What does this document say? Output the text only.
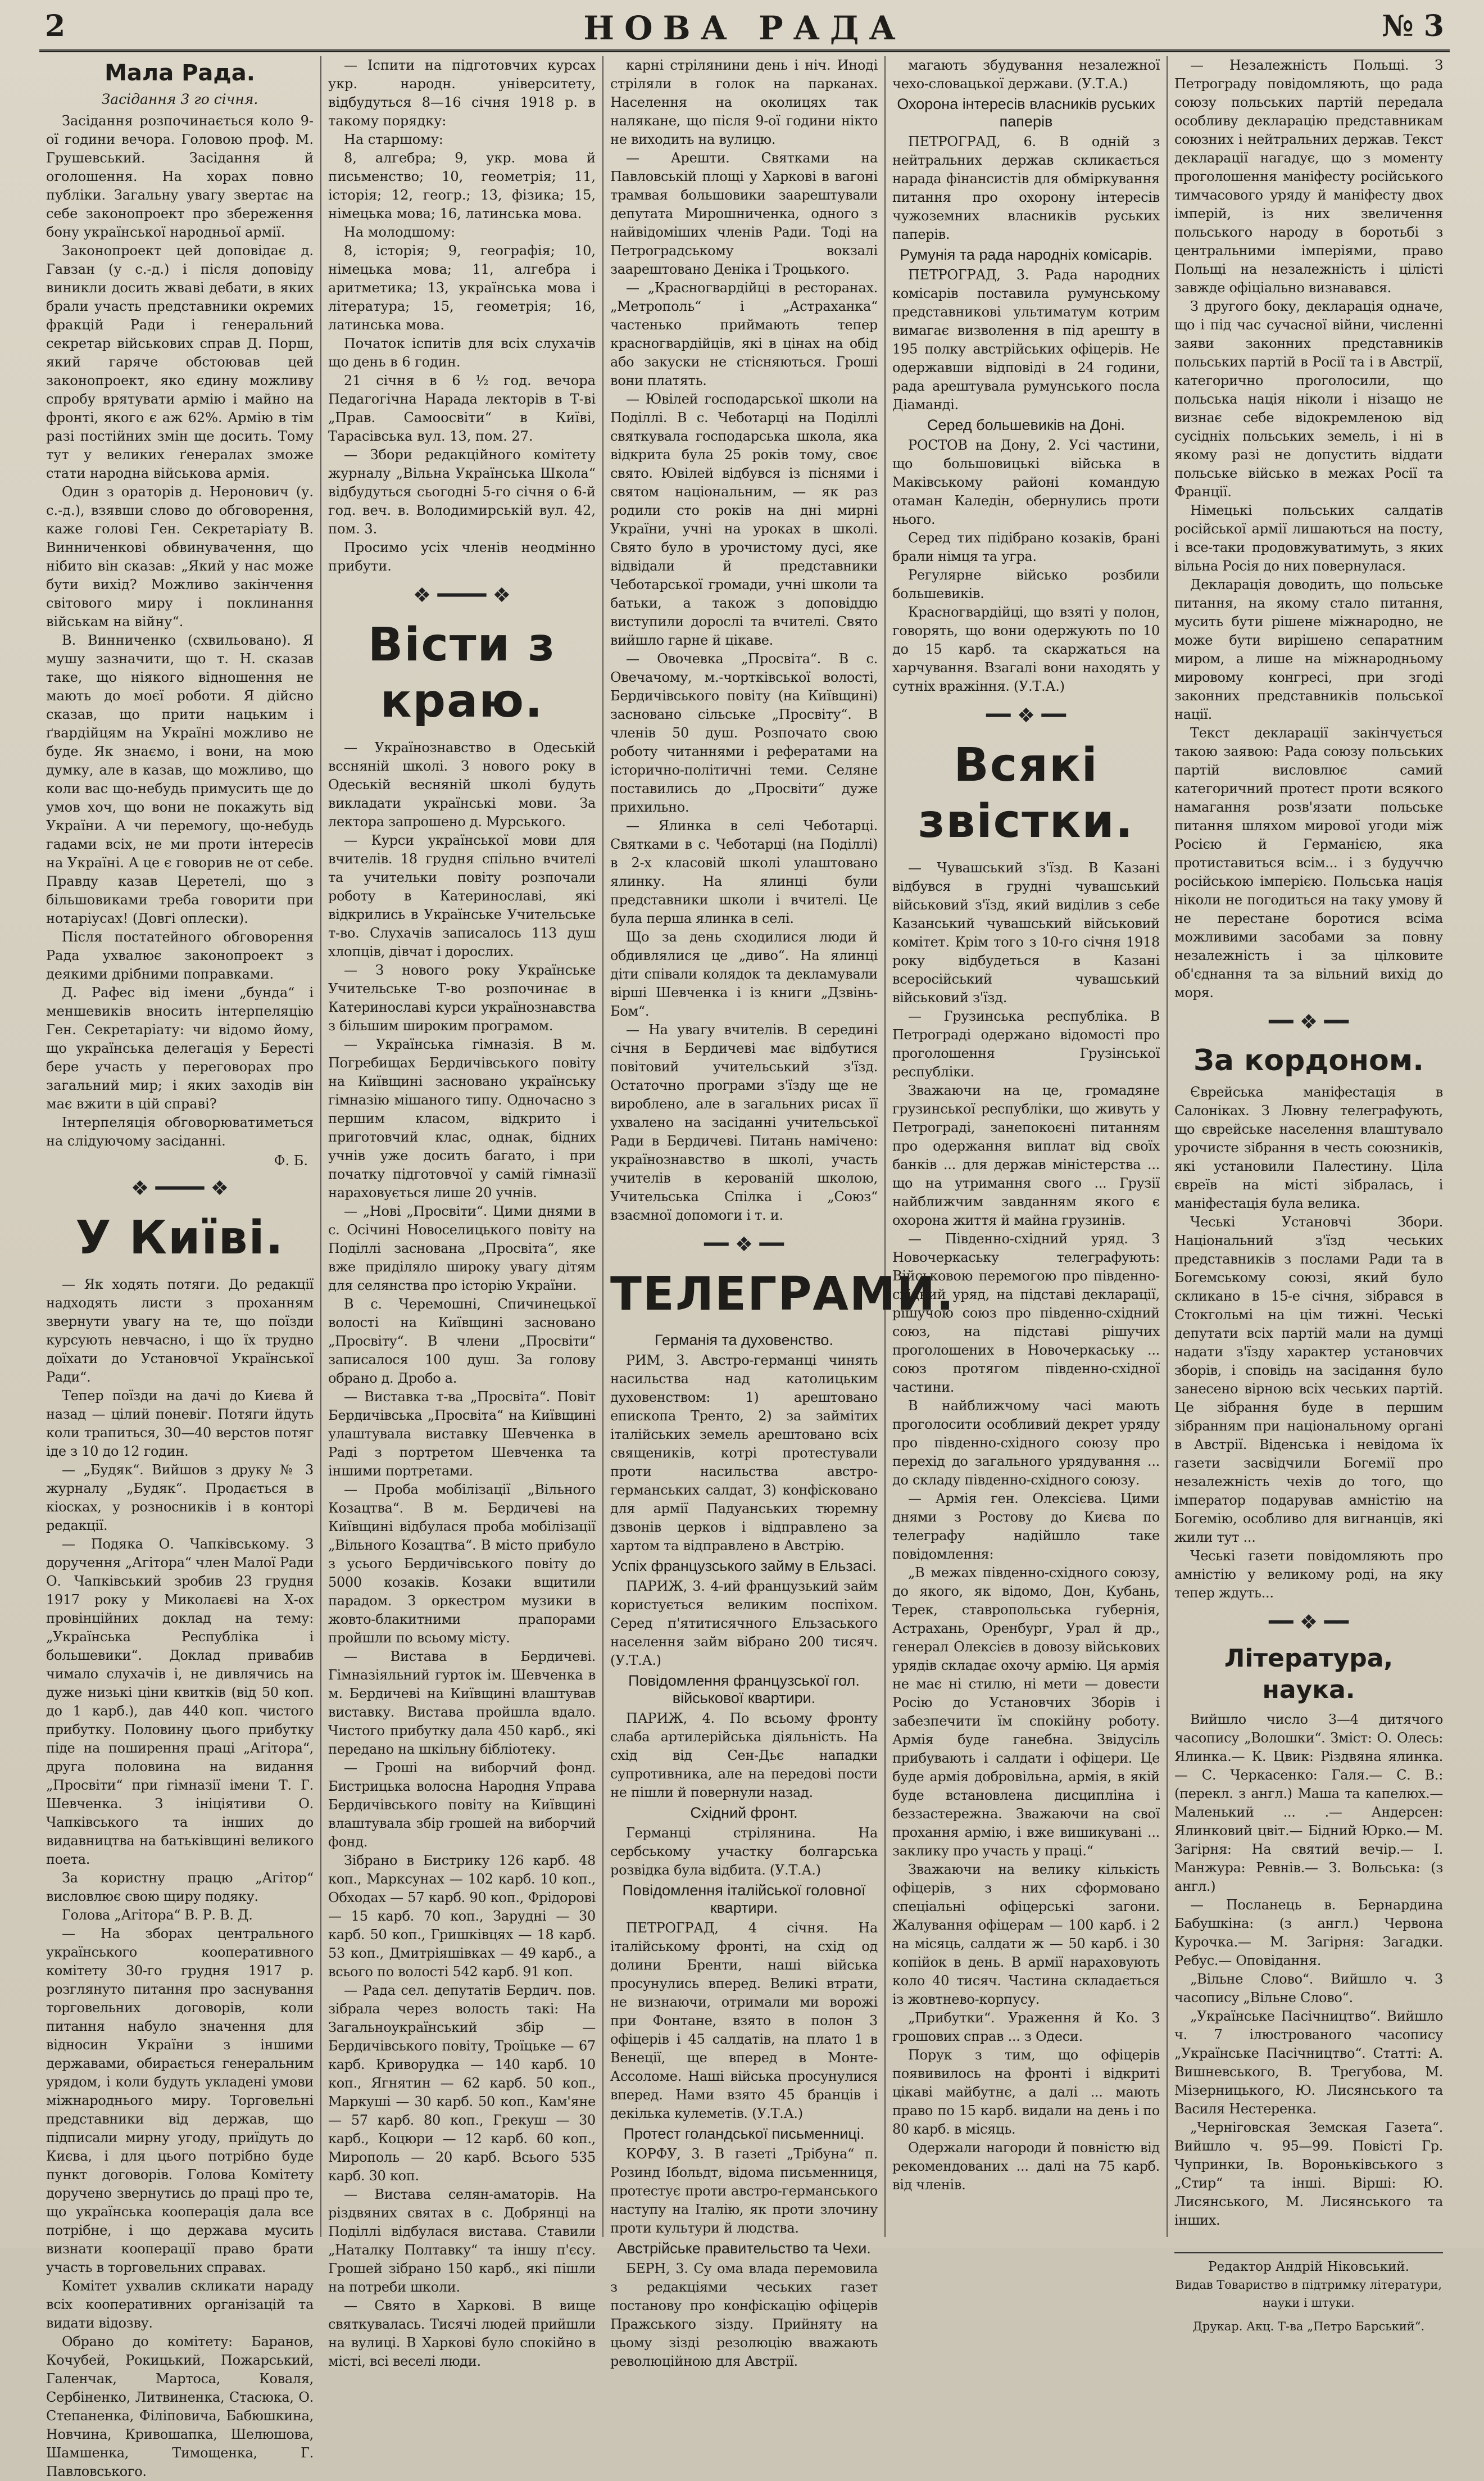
2	НОВА РАДА	№ 3
Мала Рада.
Засідання 3 го січня.

Засідання розпочинається коло 9-ої години вечора. Головою проф. М. Грушевський. Засідання й оголошення. На хорах повно публіки. Загальну увагу звертає на себе законопроект про збереження бону української народньої армії.

Законопроект цей доповідає д. Гавзан (у с.-д.) і після доповіду виникли досить жваві дебати, в яких брали участь представники окремих фракцій Ради і генеральний секретар військових справ Д. Порш, який гаряче обстоював цей законопроект, яко єдину можливу спробу врятувати армію і майно на фронті, якого є аж 62%. Армію в тім разі постійних змін ще досить. Тому тут у великих ґенералах зможе стати народна військова армія.

Один з ораторів д. Неронович (у. с.-д.), взявши слово до обговорення, каже голові Ген. Секретаріату В. Винниченкові обвинувачення, що нібито він сказав: „Який у нас може бути вихід? Можливо закінчення світового миру і поклинання військам на війну“.

В. Винниченко (схвильовано). Я мушу зазначити, що т. Н. сказав таке, що ніякого відношення не мають до моєї роботи. Я дійсно сказав, що прити нацьким і ґвардійцям на Україні можливо не буде. Як знаємо, і вони, на мою думку, але в казав, що можливо, що коли вас що-небудь примусить ще до умов хоч, що вони не покажуть від України. А чи перемогу, що-небудь гадами всіх, не ми проти інтересів на Україні. А це є говорив не от себе. Правду казав Церетелі, що з більшовиками треба говорити при нотаріусах! (Довгі оплески).

Після постатейного обговорення Рада ухвалює законопроект з деякими дрібними поправками.

Д. Рафес від імени „бунда“ і меншевиків вносить інтерпеляцію Ген. Секретаріату: чи відомо йому, що українська делегація у Бересті бере участь у переговорах про загальний мир; і яких заходів він має вжити в цій справі?

Інтерпеляція обговорюватиметься на слідуючому засіданні.

Ф. Б.
❖ ━━━━ ❖
У Київі.

— Як ходять потяги. До редакції надходять листи з проханням звернути увагу на те, що поїзди курсують невчасно, і що їх трудно доїхати до Установчої Української Ради“.

Тепер поїзди на дачі до Києва й назад — цілий поневіг. Потяги йдуть коли трапиться, 30—40 верстов потяг іде з 10 до 12 годин.

— „Будяк“. Вийшов з друку № 3 журналу „Будяк“. Продається в кіосках, у розносників і в конторі редакції.

— Подяка О. Чапківському. З доручення „Агітора“ член Малої Ради О. Чапківський зробив 23 грудня 1917 року у Миколаєві на Х-ох провінційних доклад на тему: „Українська Республіка і большевики“. Доклад привабив чимало слухачів і, не дивлячись на дуже низькі ціни квитків (від 50 коп. до 1 карб.), дав 440 коп. чистого прибутку. Половину цього прибутку піде на поширення праці „Агітора“, друга половина на видання „Просвіти“ при гімназії імени Т. Г. Шевченка. З ініціятиви О. Чапківського та інших до видавництва на батьківщині великого поета.

За користну працю „Агітор“ висловлює свою щиру подяку.

Голова „Агітора“ В. Р. В. Д.

— На зборах центрального українського кооперативного комітету 30-го грудня 1917 р. розглянуто питання про заснування торговельних договорів, коли питання набуло значення для відносин України з іншими державами, обирається генеральним урядом, і коли будуть укладені умови міжнароднього миру. Торговельні представники від держав, що підписали мирну угоду, приїдуть до Києва, і для цього потрібно буде пункт договорів. Голова Комітету доручено звернутись до праці про те, що українська кооперація дала все потрібне, і що держава мусить визнати кооперації право брати участь в торговельних справах.

Комітет ухвалив скликати нараду всіх кооперативних організацій та видати відозву.

Обрано до комітету: Баранов, Кочубей, Рокицький, Пожарський, Галенчак, Мартоса, Коваля, Сербіненко, Литвиненка, Стасюка, О. Степаненка, Філіповича, Бабюшкина, Новчина, Кривошапка, Шелюшова, Шамшенка, Тимощенка, Г. Павловського.

— Іспити на підготовчих курсах укр. народн. університету, відбудуться 8—16 січня 1918 р. в такому порядку:

На старшому:

8, алгебра; 9, укр. мова й письменство; 10, геометрія; 11, історія; 12, геогр.; 13, фізика; 15, німецька мова; 16, латинська мова.

На молодшому:

8, історія; 9, географія; 10, німецька мова; 11, алгебра і аритметика; 13, українська мова і література; 15, геометрія; 16, латинська мова.

Початок іспитів для всіх слухачів що день в 6 годин.

21 січня в 6 ½ год. вечора Педагогічна Нарада лекторів в Т-ві „Прав. Самоосвіти“ в Київі, Тарасівська вул. 13, пом. 27.

— Збори редакційного комітету журналу „Вільна Українська Школа“ відбудуться сьогодні 5-го січня о 6-й год. веч. в. Володимирській вул. 42, пом. 3.

Просимо усіх членів неодмінно прибути.

❖ ━━━━ ❖
Вісти з краю.

— Українознавство в Одеській вссняній школі. З нового року в Одеській весняній школі будуть викладати українські мови. За лектора запрошено д. Мурського.

— Курси української мови для вчителів. 18 грудня спільно вчителі та учительки повіту розпочали роботу в Катеринославі, які відкрились в Українське Учительське т-во. Слухачів записалось 113 душ хлопців, дівчат і дорослих.

— З нового року Українське Учительське Т-во розпочинає в Катеринославі курси українознавства з більшим широким програмом.

— Українська гімназія. В м. Погребищах Бердичівського повіту на Київщині засновано українську гімназію мішаного типу. Одночасно з першим класом, відкрито і приготовчий клас, однак, бідних учнів уже досить багато, і при початку підготовчої у самій гімназії нараховується лише 20 учнів.

— „Нові „Просвіти“. Цими днями в с. Осічині Новоселицького повіту на Поділлі заснована „Просвіта“, яке вже приділяло широку увагу дітям для селянства про історію України.

В с. Черемошні, Спичинецької волості на Київщині засновано „Просвіту“. В члени „Просвіти“ записалося 100 душ. За голову обрано д. Дробо а.

— Виставка т-ва „Просвіта“. Повіт Бердичівська „Просвіта“ на Київщині улаштувала виставку Шевченка в Раді з портретом Шевченка та іншими портретами.

— Проба мобілізації „Вільного Козацтва“. В м. Бердичеві на Київщині відбулася проба мобілізації „Вільного Козацтва“. В місто прибуло з усього Бердичівського повіту до 5000 козаків. Козаки вщитили парадом. З оркестром музики в жовто-блакитними прапорами пройшли по всьому місту.

— Вистава в Бердичеві. Гімназіяльний гурток ім. Шевченка в м. Бердичеві на Київщині влаштував виставку. Вистава пройшла вдало. Чистого прибутку дала 450 карб., які передано на шкільну бібліотеку.

— Гроші на виборчий фонд. Бистрицька волосна Народня Управа Бердичівського повіту на Київщині влаштувала збір грошей на виборчий фонд.

Зібрано в Бистрику 126 карб. 48 коп., Марксунах — 102 карб. 10 коп., Обходах — 57 карб. 90 коп., Фрідорові — 15 карб. 70 коп., Зарудні — 30 карб. 50 коп., Гришківцях — 18 карб. 53 коп., Дмитріяшівках — 49 карб., а всього по волості 542 карб. 91 коп.

— Рада сел. депутатів Бердич. пов. зібрала через волость такі: На Загальноукраїнський збір — Бердичівського повіту, Троїцьке — 67 карб. Криворудка — 140 карб. 10 коп., Ягнятин — 62 карб. 50 коп., Маркуші — 30 карб. 50 коп., Кам'яне — 57 карб. 80 коп., Грекуш — 30 карб., Коцюри — 12 карб. 60 коп., Мирополь — 20 карб. Всього 535 карб. 30 коп.

— Вистава селян-аматорів. На різдвяних святах в с. Добрянці на Поділлі відбулася вистава. Ставили „Наталку Полтавку“ та іншу п'єсу. Грошей зібрано 150 карб., які пішли на потреби школи.

— Свято в Харкові. В вище святкувалась. Тисячі людей прийшли на вулиці. В Харкові було спокійно в місті, всі веселі люди.

карні стрілянини день і ніч. Иноді стріляли в голок на парканах. Населення на околицях так налякане, що після 9-ої години нікто не виходить на вулицю.

— Арешти. Святками на Павловській площі у Харкові в вагоні трамвая большовики заарештували депутата Мирошниченка, одного з найвідоміших членів Ради. Тоді на Петроградському вокзалі заарештовано Деніка і Троцького.

— „Красногвардійці в ресторанах. „Метрополь“ і „Астраханка“ частенько приймають тепер красногвардійців, які в цінах на обід або закуски не стісняються. Гроші вони платять.

— Ювілей господарської школи на Поділлі. В с. Чеботарці на Поділлі святкувала господарська школа, яка відкрита була 25 років тому, своє свято. Ювілей відбувся із піснями і святом національним, — як раз родили сто років на дні мирні України, учні на уроках в школі. Свято було в урочистому дусі, яке відвідали й представники Чеботарської громади, учні школи та батьки, а також з доповіддю виступили дорослі та вчителі. Свято вийшло гарне й цікаве.

— Овочевка „Просвіта“. В с. Овечачому, м.-чортківської волості, Бердичівського повіту (на Київщині) засновано сільське „Просвіту“. В членів 50 душ. Розпочато свою роботу читаннями і рефератами на історично-політичні теми. Селяне поставились до „Просвіти“ дуже прихильно.

— Ялинка в селі Чеботарці. Святками в с. Чеботарці (на Поділлі) в 2-х класовій школі улаштовано ялинку. На ялинці були представники школи і вчителі. Це була перша ялинка в селі.

Що за день сходилися люди й обдивлялися це „диво“. На ялинці діти співали колядок та декламували вірші Шевченка і із книги „Дзвінь-Бом“.

— На увагу вчителів. В середині січня в Бердичеві має відбутися повітовий учительський з'їзд. Остаточно програми з'їзду ще не вироблено, але в загальних рисах її ухвалено на засіданні учительської Ради в Бердичеві. Питань намічено: українознавство в школі, участь учителів в керованій школою, Учительська Спілка і „Союз“ взаємної допомоги і т. и.

━━ ❖ ━━
ТЕЛЕГРАМИ.
Германія та духовенство.

РИМ, 3. Австро-германці чинять насильства над католицьким духовенством: 1) арештовано епископа Тренто, 2) за займітих італійських земель арештовано всіх священиків, котрі протестували проти насильства австро-германських салдат, 3) конфісковано для армії Падуанських тюремну дзвонів церков і відправлено за хартом та відправлено в Австрію.

Успіх французського займу в Ельзасі.

ПАРИЖ, 3. 4-ий французький займ користується великим поспіхом. Серед п'ятитисячного Ельзаського населення займ вібрано 200 тисяч. (У.Т.А.)

Повідомлення французської гол. військової квартири.

ПАРИЖ, 4. По всьому фронту слаба артилерійська діяльність. На схід від Сен-Дьє нападки супротивника, але на передові пости не пішли й повернули назад.

Східний фронт.

Германці стрілянина. На сербському участку болгарська розвідка була відбита. (У.Т.А.)

Повідомлення італійської головної квартири.

ПЕТРОГРАД, 4 січня. На італійському фронті, на схід од долини Бренти, наші війська просунулись вперед. Великі втрати, не визнаючи, отримали ми ворожі при Фонтане, взято в полон 3 офіцерів і 45 салдатів, на плато 1 в Венеції, ще вперед в Монте-Ассоломе. Наші війська просунулися вперед. Нами взято 45 бранців і декілька кулеметів. (У.Т.А.)

Протест голандської письменниці.

КОРФУ, 3. В газеті „Трібуна“ п. Розинд Ібольдт, відома письменниця, протестує проти австро-германського наступу на Італію, як проти злочину проти культури й людства.

Австрійське правительство та Чехи.

БЕРН, 3. Су ома влада перемовила з редакціями чеських газет постанову про конфіскацію офіцерів Пражського зізду. Прийняту на цьому зізді резолюцію вважають революційною для Австрії.

магають збудування незалежної чехо-словацької держави. (У.Т.А.)

Охорона інтересів власників руських паперів

ПЕТРОГРАД, 6. В одній з нейтральних держав скликається нарада фінансистів для обміркування питання про охорону інтересів чужоземних власників руських паперів.

Румунія та рада народніх комісарів.

ПЕТРОГРАД, 3. Рада народних комісарів поставила румунському представникові ультиматум котрим вимагає визволення в під арешту в 195 полку австрійських офіцерів. Не одержавши відповіді в 24 години, рада арештувала румунського посла Діаманді.

Серед большевиків на Доні.

РОСТОВ на Дону, 2. Усі частини, що большовицькі війська в Маківському районі командую отаман Каледін, обернулись проти нього.

Серед тих підібрано козаків, брані брали німця та угра.

Регулярне військо розбили большевиків.

Красногвардійці, що взяті у полон, говорять, що вони одержують по 10 до 15 карб. та скаржаться на харчування. Взагалі вони находять у сутніх вражіння. (У.Т.А.)

━━ ❖ ━━
Всякі звістки.

— Чувашський з'їзд. В Казані відбувся в грудні чувашський військовий з'їзд, який виділив з себе Казанський чувашський військовий комітет. Крім того з 10-го січня 1918 року відбудеться в Казані всеросійський чувашський військовий з'їзд.

— Грузинська республіка. В Петрограді одержано відомості про проголошення Грузінської республіки.

Зважаючи на це, громадяне грузинської республіки, що живуть у Петрограді, занепокоєні питанням про одержання виплат від своїх банків ... для держав міністерства ... що на утримання свого ... Грузії найближчим завданням якого є охорона життя й майна грузинів.

— Південно-східний уряд. З Новочеркаську телеграфують: Військовою перемогою про південно-східний уряд, на підставі декларації, рішучою союз про південно-східний союз, на підставі рішучих проголошених в Новочеркаську ... союз протягом південно-східної частини.

В найближчому часі мають проголосити особливий декрет уряду про південно-східного союзу про перехід до загального урядування ... до складу південно-східного союзу.

— Армія ген. Олексієва. Цими днями з Ростову до Києва по телеграфу надійшло таке повідомлення:

„В межах південно-східного союзу, до якого, як відомо, Дон, Кубань, Терек, ставропольська губернія, Астрахань, Оренбург, Урал й др., генерал Олексієв в довозу військових урядів складає охочу армію. Ця армія не має ні стилю, ні мети — довести Росію до Установчих Зборів і забезпечити їм спокійну роботу. Армія буде ганебна. Звідусіль прибувають і салдати і офіцери. Це буде армія добровільна, армія, в якій буде встановлена дисципліна і беззастережна. Зважаючи на свої прохання армію, і вже вишикувані ... заклику про участь у праці.“

Зважаючи на велику кількість офіцерів, з них сформовано спеціальні офіцерські загони. Жалування офіцерам — 100 карб. і 2 на місяць, салдати ж — 50 карб. і 30 копійок в день. В армії нараховують коло 40 тисяч. Частина складається із жовтнево-корпусу.

„Прибутки“. Ураження й Ко. З грошових справ ... з Одеси.

Порук з тим, що офіцерів появивилось на фронті і відкриті цікаві майбутнє, а далі ... мають право по 15 карб. видали на день і по 80 карб. в місяць.

Одержали нагороди й повністю від рекомендованих ... далі на 75 карб. від членів.

— Незалежність Польщі. З Петрограду повідомляють, що рада союзу польських партій передала особливу декларацію представникам союзних і нейтральних держав. Текст декларації нагадує, що з моменту проголошення маніфесту російського тимчасового уряду й маніфесту двох імперій, із них звеличення польського народу в боротьбі з центральними імперіями, право Польщі на незалежність і цілісті завжде офіціально визнавався.

З другого боку, декларація одначе, що і під час сучасної війни, численні заяви законних представників польських партій в Росії та і в Австрії, категорично проголосили, що польська нація ніколи і нізащо не визнає себе відокремленою від сусідніх польських земель, і ні в якому разі не допустить віддати польське військо в межах Росії та Франції.

Німецькі польських салдатів російської армії лишаються на посту, і все-таки продовжуватимуть, з яких вільна Росія до них повернулася.

Декларація доводить, що польське питання, на якому стало питання, мусить бути рішене міжнародно, не може бути вирішено сепаратним миром, а лише на міжнародньому мировому конгресі, при згоді законних представників польської нації.

Текст декларації закінчується такою заявою: Рада союзу польських партій висловлює самий категоричний протест проти всякого намагання розв'язати польське питання шляхом мирової угоди між Росією й Германією, яка протиставиться всім... і з будуччю російською імперією. Польська нація ніколи не погодиться на таку умову й не перестане боротися всіма можливими засобами за повну незалежність і за цілковите об'єднання та за вільний вихід до моря.

━━ ❖ ━━
За кордоном.

Єврейська маніфестація в Салоніках. З Лювну телеграфують, що єврейське населення влаштувало урочисте зібрання в честь союзників, які установили Палестину. Ціла євреїв на місті зібралась, і маніфестація була велика.

Чеські Установчі Збори. Національний з'їзд чеських представників з послами Ради та в Богемському союзі, який було скликано в 15-е січня, зібрався в Стокгольмі на цім тижні. Чеські депутати всіх партій мали на думці надати з'їзду характер установчих зборів, і сповідь на засідання було занесено вірною всіх чеських партій. Це зібрання буде в першим зібранням при національному органі в Австрії. Віденська і невідома їх газети засвідчили Богемії про незалежність чехів до того, що імператор подарував амністію на Богемію, особливо для вигнанців, які жили тут ...

Чеські газети повідомляють про амністію у великому роді, на яку тепер ждуть...

━━ ❖ ━━
Література, наука.

Вийшло число 3—4 дитячого часопису „Волошки“. Зміст: О. Олесь: Ялинка.— К. Цвик: Різдвяна ялинка.— С. Черкасенко: Галя.— С. В.: (перекл. з англ.) Маша та капелюх.— Маленький ... .— Андерсен: Ялинковий цвіт.— Бідний Юрко.— М. Загірня: На святий вечір.— І. Манжура: Ревнів.— З. Вольська: (з англ.)

— Посланець в. Бернардина Бабушкіна: (з англ.) Червона Курочка.— М. Загірня: Загадки. Ребус.— Оповідання.

„Вільне Слово“. Вийшло ч. 3 часопису „Вільне Слово“.

„Українське Пасічництво“. Вийшло ч. 7 ілюстрованого часопису „Українське Пасічництво“. Статті: А. Вишневського, В. Трегубова, М. Мізерницького, Ю. Лисянського та Василя Нестеренка.

„Черніговская Земская Газета“. Вийшло ч. 95—99. Повісті Гр. Чупринки, Ів. Вороньківського з „Стир“ та інші. Вірші: Ю. Лисянського, М. Лисянського та інших.

Редактор Андрій Ніковський.
Видав Товариство в підтримку літератури, науки і штуки.
Друкар. Акц. Т-ва „Петро Барський“.
